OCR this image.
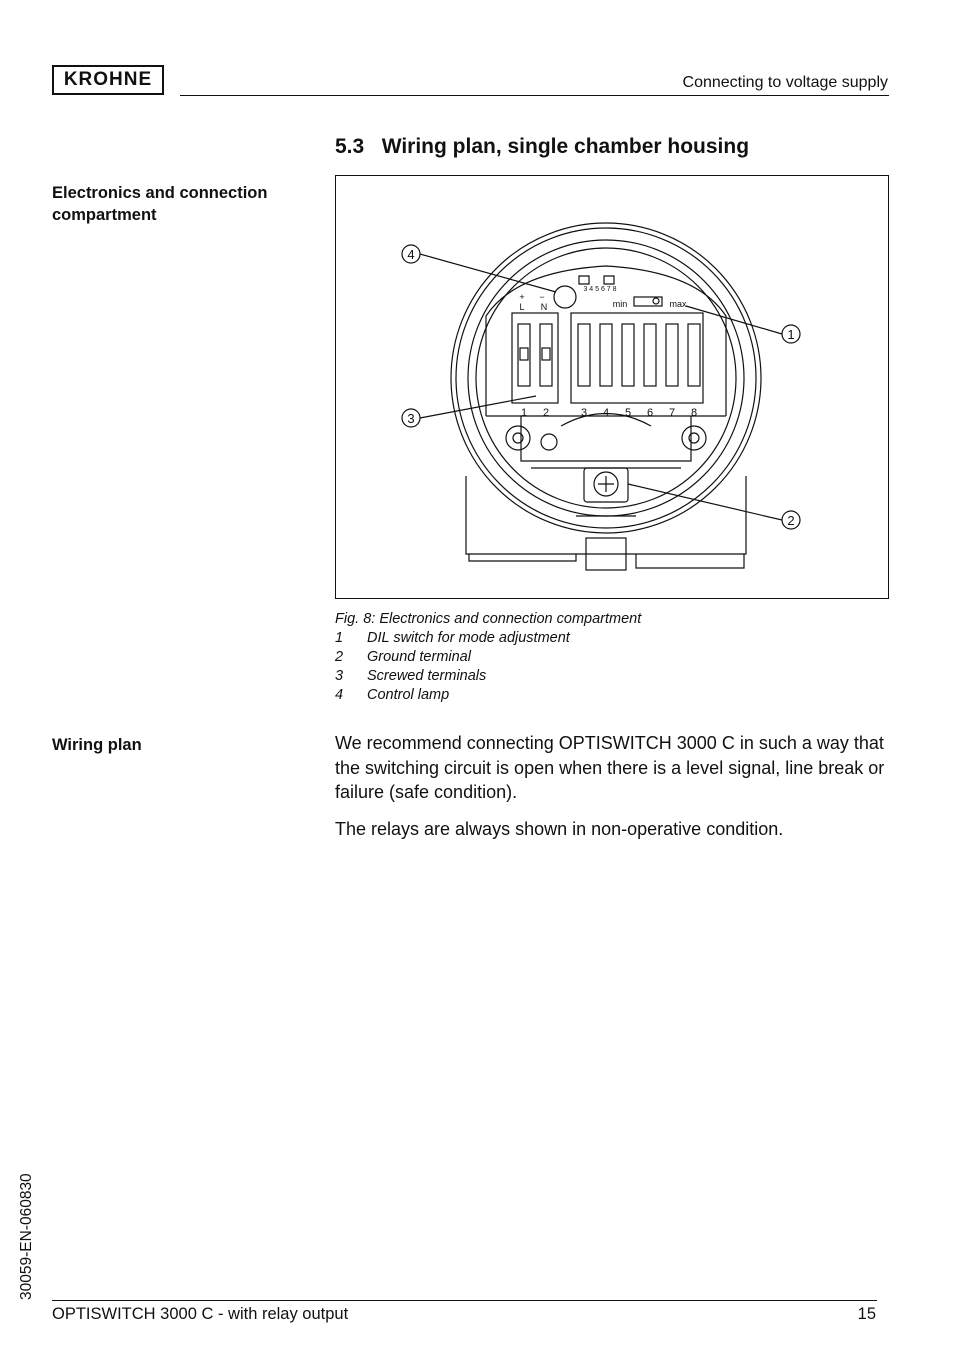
KROHNE	Connecting to voltage supply
5.3   Wiring plan, single chamber housing
Electronics and connection
compartment
Wiring plan
4
3
1
2
1 2	3 4 5 6 7 8
+ −
L N
3 4 5 6 7 8
min	max
Fig. 8: Electronics and connection compartment
1	DIL switch for mode adjustment
2	Ground terminal
3	Screwed terminals
4	Control lamp
We recommend connecting OPTISWITCH 3000 C in such a way that the switching circuit is open when there is a level signal, line break or failure (safe condition).
The relays are always shown in non-operative condition.
30059-EN-060830
OPTISWITCH 3000 C - with relay output	15
